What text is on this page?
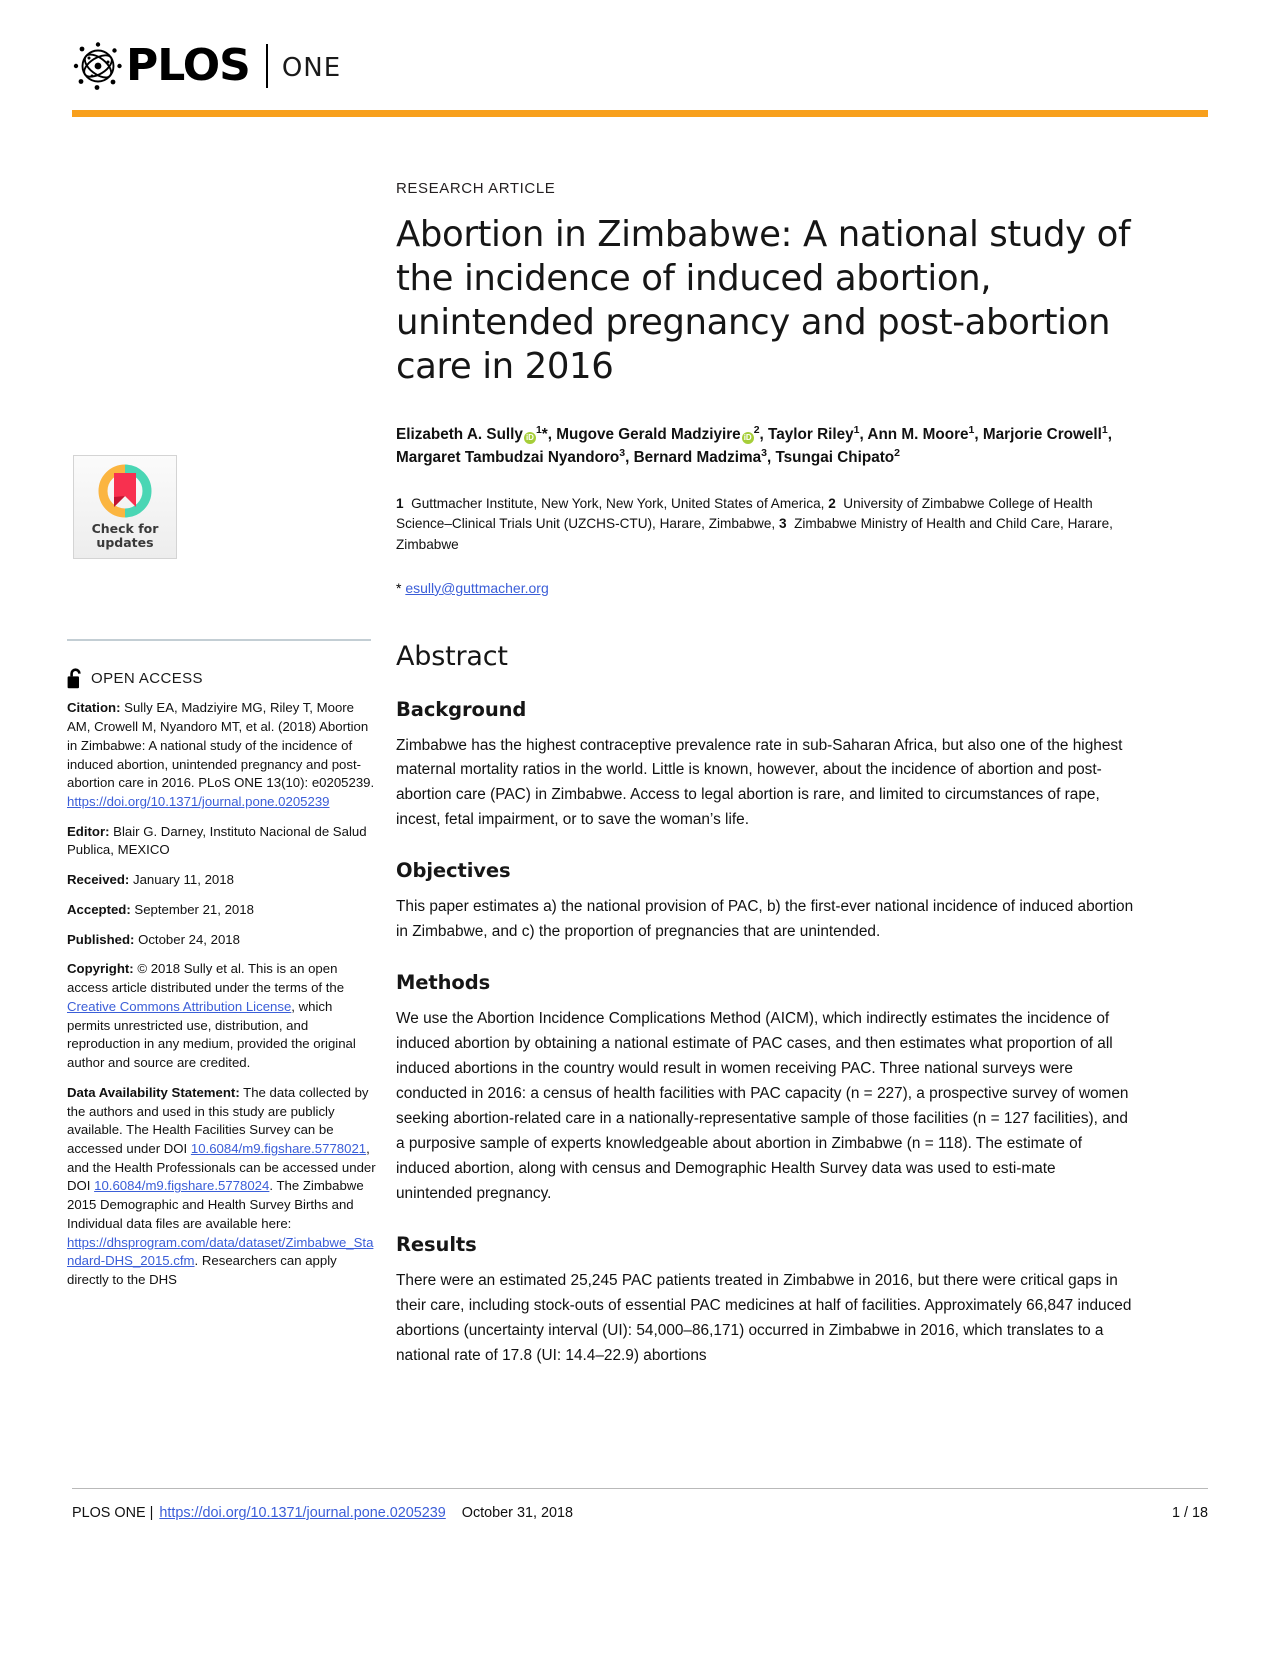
PLOS ONE
Check for
updates
OPEN ACCESS
Citation: Sully EA, Madziyire MG, Riley T, Moore AM, Crowell M, Nyandoro MT, et al. (2018) Abortion in Zimbabwe: A national study of the incidence of induced abortion, unintended pregnancy and post-abortion care in 2016. PLoS ONE 13(10): e0205239. https://doi.org/10.1371/journal.pone.0205239
Editor: Blair G. Darney, Instituto Nacional de Salud Publica, MEXICO
Received: January 11, 2018
Accepted: September 21, 2018
Published: October 24, 2018
Copyright: © 2018 Sully et al. This is an open access article distributed under the terms of the Creative Commons Attribution License, which permits unrestricted use, distribution, and reproduction in any medium, provided the original author and source are credited.
Data Availability Statement: The data collected by the authors and used in this study are publicly available. The Health Facilities Survey can be accessed under DOI 10.6084/m9.figshare.5778021, and the Health Professionals can be accessed under DOI 10.6084/m9.figshare.5778024. The Zimbabwe 2015 Demographic and Health Survey Births and Individual data files are available here: https://dhsprogram.com/data/dataset/Zimbabwe_Standard-DHS_2015.cfm. Researchers can apply directly to the DHS
RESEARCH ARTICLE
Abortion in Zimbabwe: A national study of the incidence of induced abortion, unintended pregnancy and post-abortion care in 2016
Elizabeth A. Sully $iD^1*$, Mugove Gerald Madziyire $iD^2$, Taylor Riley$^1$, Ann M. Moore$^1$, Marjorie Crowell$^1$, Margaret Tambudzai Nyandoro$^3$, Bernard Madzima$^3$, Tsungai Chipato$^2$
1  Guttmacher Institute, New York, New York, United States of America, 2  University of Zimbabwe College of Health Science–Clinical Trials Unit (UZCHS-CTU), Harare, Zimbabwe, 3  Zimbabwe Ministry of Health and Child Care, Harare, Zimbabwe
* esully@guttmacher.org
Abstract
Background

Zimbabwe has the highest contraceptive prevalence rate in sub-Saharan Africa, but also one of the highest maternal mortality ratios in the world. Little is known, however, about the incidence of abortion and post-abortion care (PAC) in Zimbabwe. Access to legal abortion is rare, and limited to circumstances of rape, incest, fetal impairment, or to save the woman’s life.

Objectives

This paper estimates a) the national provision of PAC, b) the first-ever national incidence of induced abortion in Zimbabwe, and c) the proportion of pregnancies that are unintended.

Methods

We use the Abortion Incidence Complications Method (AICM), which indirectly estimates the incidence of induced abortion by obtaining a national estimate of PAC cases, and then estimates what proportion of all induced abortions in the country would result in women receiving PAC. Three national surveys were conducted in 2016: a census of health facilities with PAC capacity (n = 227), a prospective survey of women seeking abortion-related care in a nationally-representative sample of those facilities (n = 127 facilities), and a purposive sample of experts knowledgeable about abortion in Zimbabwe (n = 118). The estimate of induced abortion, along with census and Demographic Health Survey data was used to esti-mate unintended pregnancy.

Results

There were an estimated 25,245 PAC patients treated in Zimbabwe in 2016, but there were critical gaps in their care, including stock-outs of essential PAC medicines at half of facilities. Approximately 66,847 induced abortions (uncertainty interval (UI): 54,000–86,171) occurred in Zimbabwe in 2016, which translates to a national rate of 17.8 (UI: 14.4–22.9) abortions

PLOS ONE | https://doi.org/10.1371/journal.pone.0205239 October 31, 2018	1 / 18
